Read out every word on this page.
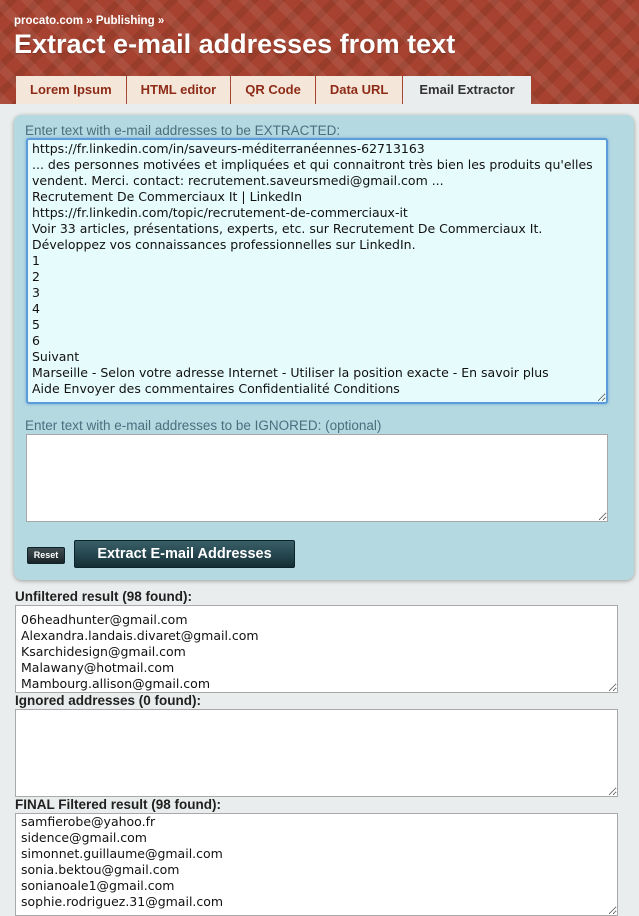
procato.com » Publishing »
Extract e-mail addresses from text
Lorem Ipsum	HTML editor	QR Code	Data URL	Email Extractor
Enter text with e-mail addresses to be EXTRACTED:
https://fr.linkedin.com/in/saveurs-méditerranéennes-62713163 ... des personnes motivées et impliquées et qui connaitront très bien les produits qu'elles vendent. Merci. contact: recrutement.saveursmedi@gmail.com ... Recrutement De Commerciaux It | LinkedIn https://fr.linkedin.com/topic/recrutement-de-commerciaux-it Voir 33 articles, présentations, experts, etc. sur Recrutement De Commerciaux It. Développez vos connaissances professionnelles sur LinkedIn. 1 2 3 4 5 6 Suivant Marseille - Selon votre adresse Internet - Utiliser la position exacte - En savoir plus Aide Envoyer des commentaires Confidentialité Conditions
Enter text with e-mail addresses to be IGNORED: (optional)
Reset	Extract E-mail Addresses
Unfiltered result (98 found):
06headhunter@gmail.com Alexandra.landais.divaret@gmail.com Ksarchidesign@gmail.com Malawany@hotmail.com Mambourg.allison@gmail.com
Ignored addresses (0 found):
FINAL Filtered result (98 found):
samfierobe@yahoo.fr sidence@gmail.com simonnet.guillaume@gmail.com sonia.bektou@gmail.com sonianoale1@gmail.com sophie.rodriguez.31@gmail.com
